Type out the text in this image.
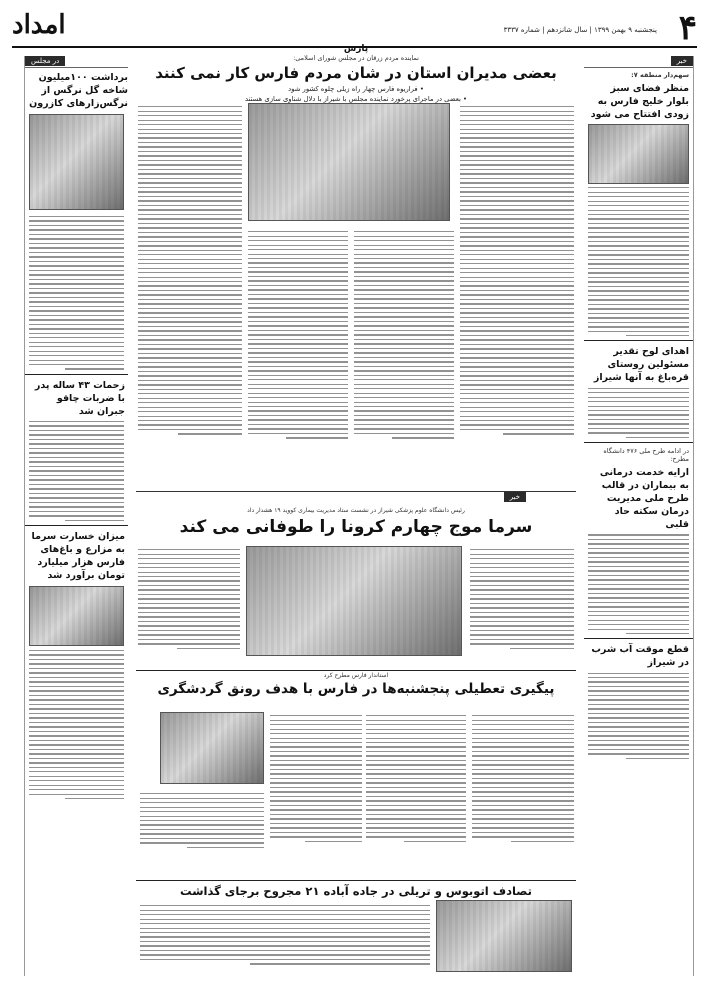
۴
پنجشنبه ۹ بهمن ۱۳۹۹ | سال شانزدهم | شماره ۳۳۳۷
امداد
در مجلس
برداشت ۱۰۰میلیون شاخه گل نرگس از نرگس‌زارهای کازرون
زحمات ۴۳ ساله پدر با ضربات چاقو جبران شد
میزان خسارت سرما به مزارع و باغ‌های فارس هزار میلیارد تومان برآورد شد
خبر
سهم‌دار منطقه ۷:
منظر فضای سبز بلوار خلیج فارس به زودی افتتاح می شود
اهدای لوح تقدیر مسئولین روستای قرەباغ به آنها شیراز
در ادامه طرح ملی ۴۷۶ دانشگاه مطرح:
ارایه خدمت درمانی به بیماران در قالب طرح ملی مدیریت درمان سکته حاد قلبی
قطع موقت آب شرب در شیراز
پارس
نماینده مردم زرقان در مجلس شورای اسلامی:
بعضی مدیران استان در شان مردم فارس کار نمی کنند
• فراریوه فارس چهار راه زیلی چلوه کشور شود
• بعضی در ماجرای پرخورد نماینده مجلس با شیراز با دلال شناوی سازی هستند
خبر
رئیس دانشگاه علوم پزشکی شیراز در نشست ستاد مدیریت بیماری کووید ۱۹ هشدار داد
سرما موج چهارم کرونا را طوفانی می کند
استاندار فارس مطرح کرد
پیگیری تعطیلی پنجشنبه‌ها در فارس با هدف رونق گردشگری
تصادف اتوبوس و تریلی در جاده آباده ۲۱ مجروح برجای گذاشت
